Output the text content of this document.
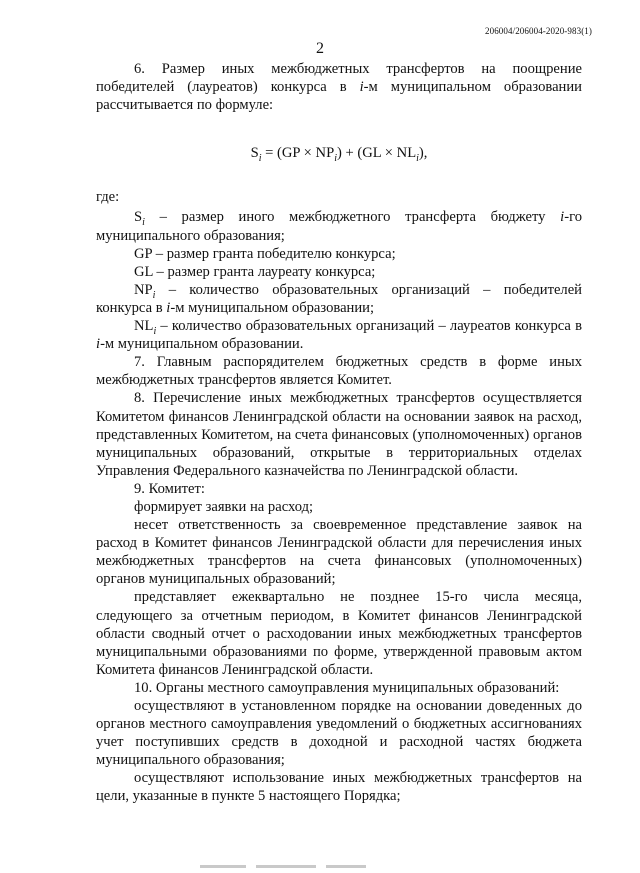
206004/206004-2020-983(1)
2

6. Размер иных межбюджетных трансфертов на поощрение победителей (лауреатов) конкурса в i-м муниципальном образовании рассчитывается по формуле:

$S_i = (GP \times NP_i) + (GL \times NL_i)$,

где:

$S_i$ – размер иного межбюджетного трансферта бюджету i-го муниципального образования;

GP – размер гранта победителю конкурса;

GL – размер гранта лауреату конкурса;

$NP_i$ – количество образовательных организаций – победителей конкурса в i-м муниципальном образовании;

$NL_i$ – количество образовательных организаций – лауреатов конкурса в i-м муниципальном образовании.

7. Главным распорядителем бюджетных средств в форме иных межбюджетных трансфертов является Комитет.

8. Перечисление иных межбюджетных трансфертов осуществляется Комитетом финансов Ленинградской области на основании заявок на расход, представленных Комитетом, на счета финансовых (уполномоченных) органов муниципальных образований, открытые в территориальных отделах Управления Федерального казначейства по Ленинградской области.

9. Комитет:

формирует заявки на расход;

несет ответственность за своевременное представление заявок на расход в Комитет финансов Ленинградской области для перечисления иных межбюджетных трансфертов на счета финансовых (уполномоченных) органов муниципальных образований;

представляет ежеквартально не позднее 15-го числа месяца, следующего за отчетным периодом, в Комитет финансов Ленинградской области сводный отчет о расходовании иных межбюджетных трансфертов муниципальными образованиями по форме, утвержденной правовым актом Комитета финансов Ленинградской области.

10. Органы местного самоуправления муниципальных образований:

осуществляют в установленном порядке на основании доведенных до органов местного самоуправления уведомлений о бюджетных ассигнованиях учет поступивших средств в доходной и расходной частях бюджета муниципального образования;

осуществляют использование иных межбюджетных трансфертов на цели, указанные в пункте 5 настоящего Порядка;
